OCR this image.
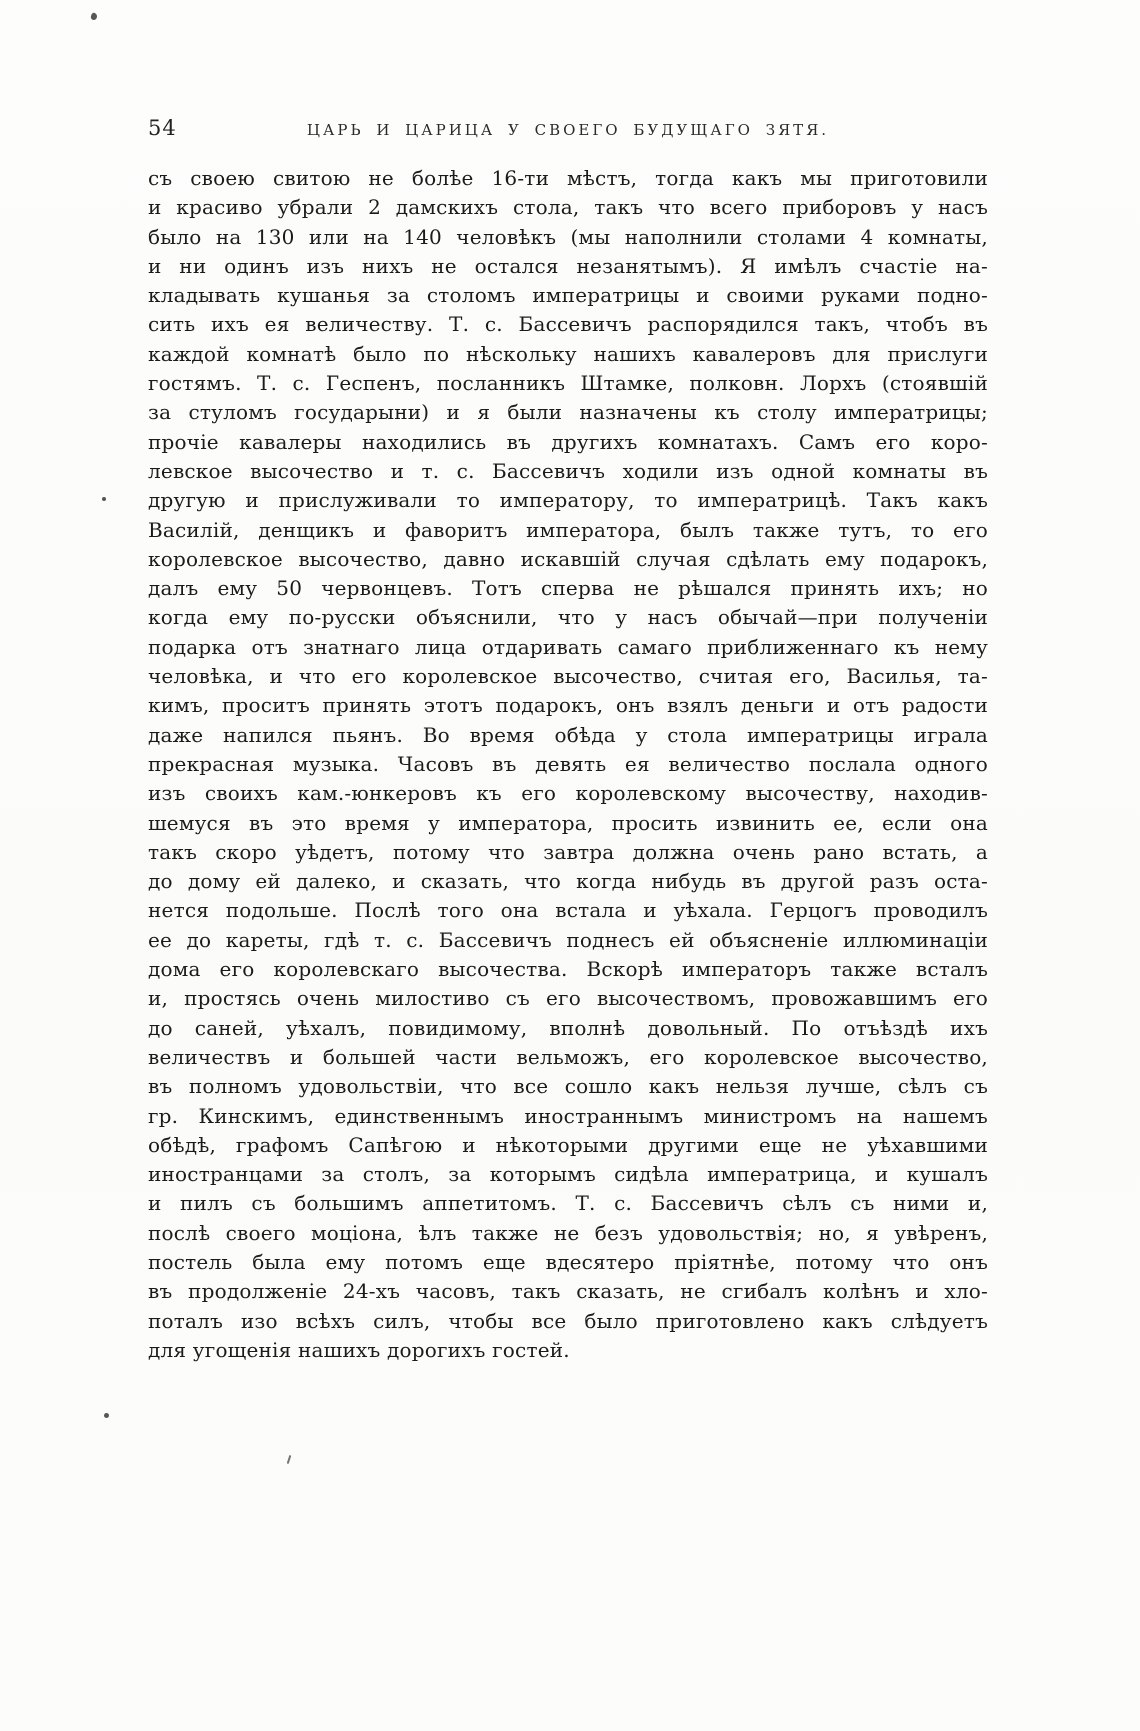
54	ЦАРЬ И ЦАРИЦА У СВОЕГО БУДУЩАГО ЗЯТЯ.
съ своею свитою не болѣе 16-ти мѣстъ, тогда какъ мы приготовили
и красиво убрали 2 дамскихъ стола, такъ что всего приборовъ у насъ
было на 130 или на 140 человѣкъ (мы наполнили столами 4 комнаты,
и ни одинъ изъ нихъ не остался незанятымъ). Я имѣлъ счастіе на-
кладывать кушанья за столомъ императрицы и своими руками подно-
сить ихъ ея величеству. Т. с. Бассевичъ распорядился такъ, чтобъ въ
каждой комнатѣ было по нѣскольку нашихъ кавалеровъ для прислуги
гостямъ. Т. с. Геспенъ, посланникъ Штамке, полковн. Лорхъ (стоявшій
за стуломъ государыни) и я были назначены къ столу императрицы;
прочіе кавалеры находились въ другихъ комнатахъ. Самъ его коро-
левское высочество и т. с. Бассевичъ ходили изъ одной комнаты въ
другую и прислуживали то императору, то императрицѣ. Такъ какъ
Василій, денщикъ и фаворитъ императора, былъ также тутъ, то его
королевское высочество, давно искавшій случая сдѣлать ему подарокъ,
далъ ему 50 червонцевъ. Тотъ сперва не рѣшался принять ихъ; но
когда ему по-русски объяснили, что у насъ обычай—при полученіи
подарка отъ знатнаго лица отдаривать самаго приближеннаго къ нему
человѣка, и что его королевское высочество, считая его, Василья, та-
кимъ, проситъ принять этотъ подарокъ, онъ взялъ деньги и отъ радости
даже напился пьянъ. Во время обѣда у стола императрицы играла
прекрасная музыка. Часовъ въ девять ея величество послала одного
изъ своихъ кам.-юнкеровъ къ его королевскому высочеству, находив-
шемуся въ это время у императора, просить извинить ее, если она
такъ скоро уѣдетъ, потому что завтра должна очень рано встать, а
до дому ей далеко, и сказать, что когда нибудь въ другой разъ оста-
нется подольше. Послѣ того она встала и уѣхала. Герцогъ проводилъ
ее до кареты, гдѣ т. с. Бассевичъ поднесъ ей объясненіе иллюминаціи
дома его королевскаго высочества. Вскорѣ императоръ также всталъ
и, простясь очень милостиво съ его высочествомъ, провожавшимъ его
до саней, уѣхалъ, повидимому, вполнѣ довольный. По отъѣздѣ ихъ
величествъ и большей части вельможъ, его королевское высочество,
въ полномъ удовольствіи, что все сошло какъ нельзя лучше, сѣлъ съ
гр. Кинскимъ, единственнымъ иностраннымъ министромъ на нашемъ
обѣдѣ, графомъ Сапѣгою и нѣкоторыми другими еще не уѣхавшими
иностранцами за столъ, за которымъ сидѣла императрица, и кушалъ
и пилъ съ большимъ аппетитомъ. Т. с. Бассевичъ сѣлъ съ ними и,
послѣ своего моціона, ѣлъ также не безъ удовольствія; но, я увѣренъ,
постель была ему потомъ еще вдесятеро пріятнѣе, потому что онъ
въ продолженіе 24-хъ часовъ, такъ сказать, не сгибалъ колѣнъ и хло-
поталъ изо всѣхъ силъ, чтобы все было приготовлено какъ слѣдуетъ
для угощенія нашихъ дорогихъ гостей.
